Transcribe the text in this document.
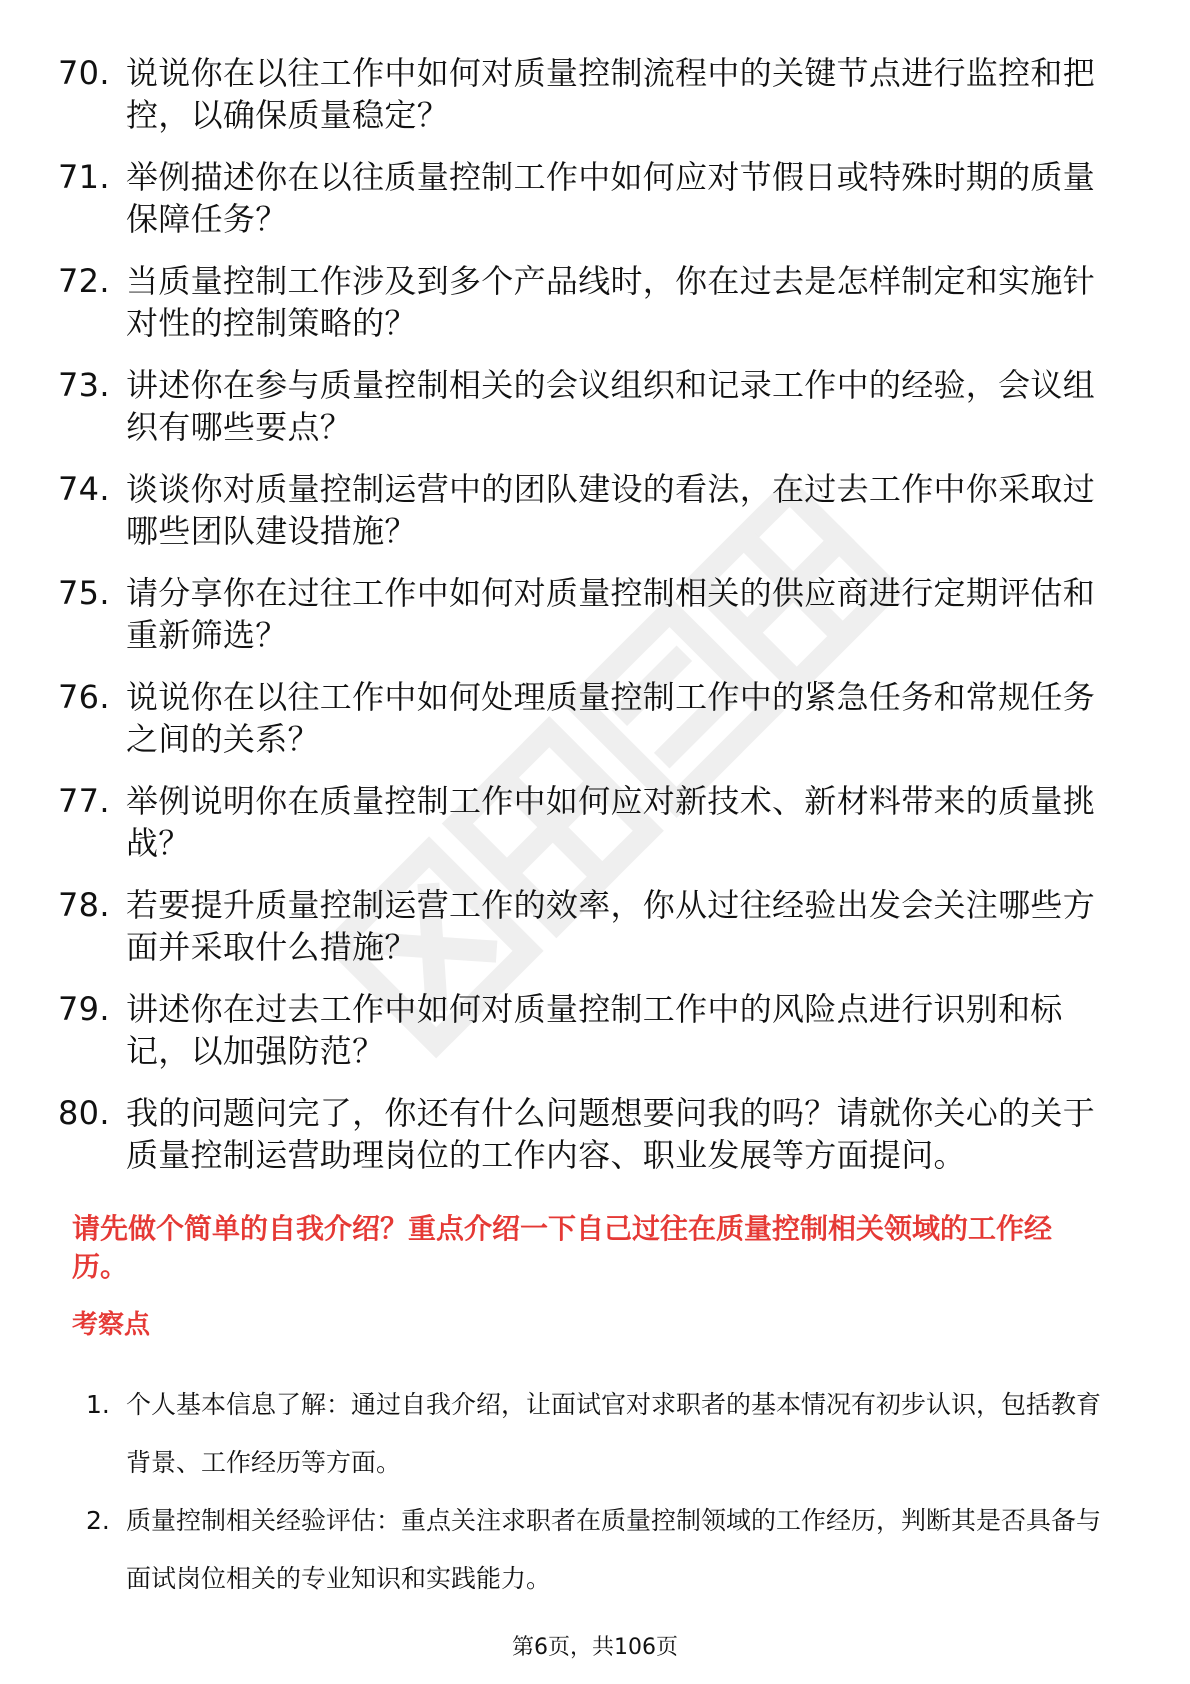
70. 说说你在以往工作中如何对质量控制流程中的关键节点进行监控和把控，以确保质量稳定？
71. 举例描述你在以往质量控制工作中如何应对节假日或特殊时期的质量保障任务？
72. 当质量控制工作涉及到多个产品线时，你在过去是怎样制定和实施针对性的控制策略的？
73. 讲述你在参与质量控制相关的会议组织和记录工作中的经验，会议组织有哪些要点？
74. 谈谈你对质量控制运营中的团队建设的看法，在过去工作中你采取过哪些团队建设措施？
75. 请分享你在过往工作中如何对质量控制相关的供应商进行定期评估和重新筛选？
76. 说说你在以往工作中如何处理质量控制工作中的紧急任务和常规任务之间的关系？
77. 举例说明你在质量控制工作中如何应对新技术、新材料带来的质量挑战？
78. 若要提升质量控制运营工作的效率，你从过往经验出发会关注哪些方面并采取什么措施？
79. 讲述你在过去工作中如何对质量控制工作中的风险点进行识别和标记，以加强防范？
80. 我的问题问完了，你还有什么问题想要问我的吗？请就你关心的关于质量控制运营助理岗位的工作内容、职业发展等方面提问。
请先做个简单的自我介绍？重点介绍一下自己过往在质量控制相关领域的工作经历。
考察点
1. 个人基本信息了解：通过自我介绍，让面试官对求职者的基本情况有初步认识，包括教育背景、工作经历等方面。
2. 质量控制相关经验评估：重点关注求职者在质量控制领域的工作经历，判断其是否具备与面试岗位相关的专业知识和实践能力。
第6页，共106页
